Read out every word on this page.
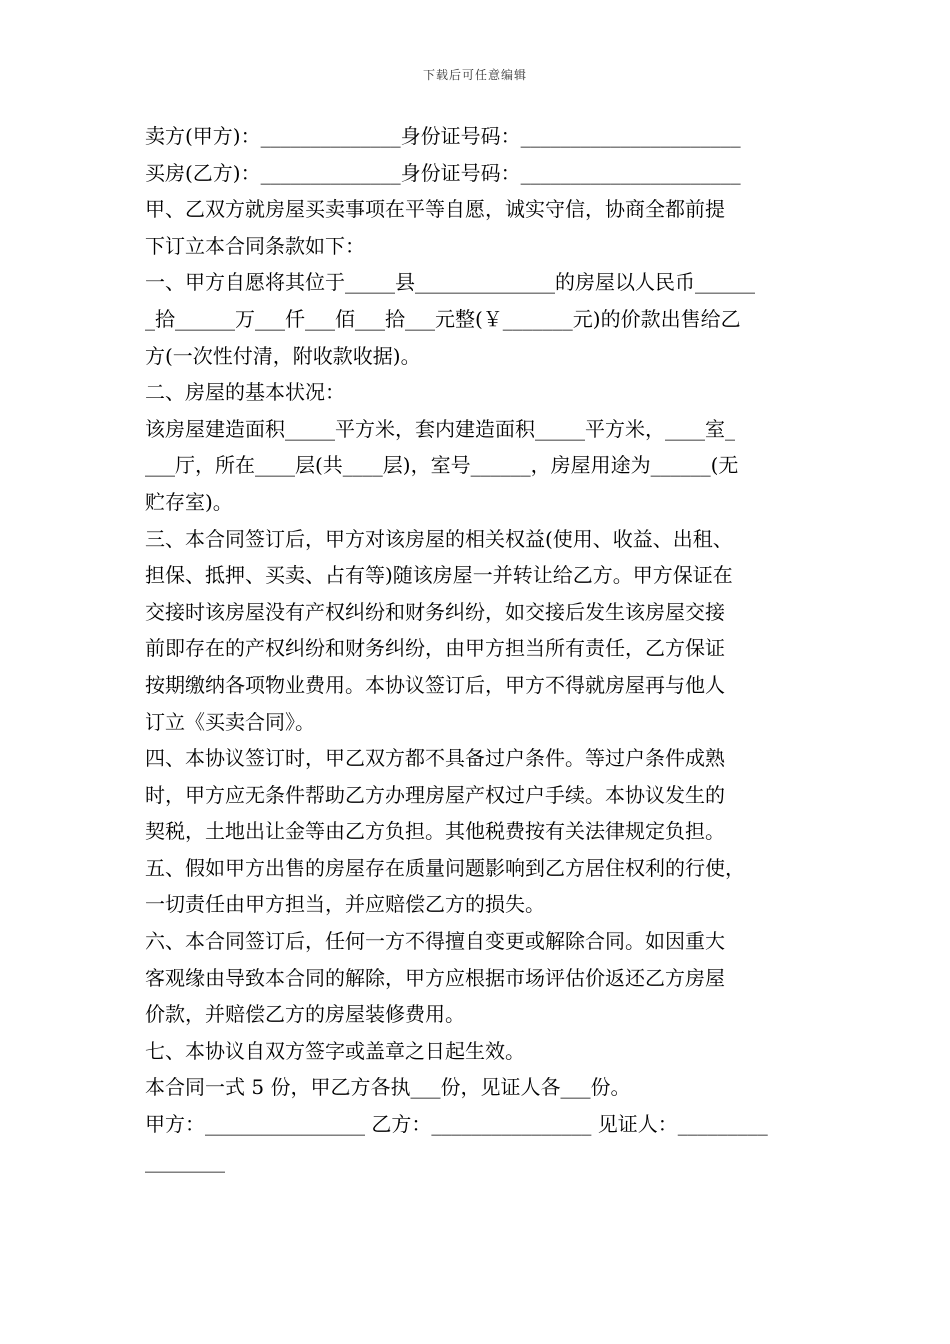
下载后可任意编辑
卖方(甲方)：______________身份证号码：______________________
买房(乙方)：______________身份证号码：______________________
甲、乙双方就房屋买卖事项在平等自愿，诚实守信，协商全都前提
下订立本合同条款如下：
一、甲方自愿将其位于_____县______________的房屋以人民币______
_拾______万___仟___佰___拾___元整(￥_______元)的价款出售给乙
方(一次性付清，附收款收据)。
二、房屋的基本状况：
该房屋建造面积_____平方米，套内建造面积_____平方米，____室_
___厅，所在____层(共____层)，室号______，房屋用途为______(无
贮存室)。
三、本合同签订后，甲方对该房屋的相关权益(使用、收益、出租、
担保、抵押、买卖、占有等)随该房屋一并转让给乙方。甲方保证在
交接时该房屋没有产权纠纷和财务纠纷，如交接后发生该房屋交接
前即存在的产权纠纷和财务纠纷，由甲方担当所有责任，乙方保证
按期缴纳各项物业费用。本协议签订后，甲方不得就房屋再与他人
订立《买卖合同》。
四、本协议签订时，甲乙双方都不具备过户条件。等过户条件成熟
时，甲方应无条件帮助乙方办理房屋产权过户手续。本协议发生的
契税，土地出让金等由乙方负担。其他税费按有关法律规定负担。
五、假如甲方出售的房屋存在质量问题影响到乙方居住权利的行使，
一切责任由甲方担当，并应赔偿乙方的损失。
六、本合同签订后，任何一方不得擅自变更或解除合同。如因重大
客观缘由导致本合同的解除，甲方应根据市场评估价返还乙方房屋
价款，并赔偿乙方的房屋装修费用。
七、本协议自双方签字或盖章之日起生效。
本合同一式 5 份，甲乙方各执___份，见证人各___份。
甲方：________________ 乙方：________________ 见证人：_________
________
